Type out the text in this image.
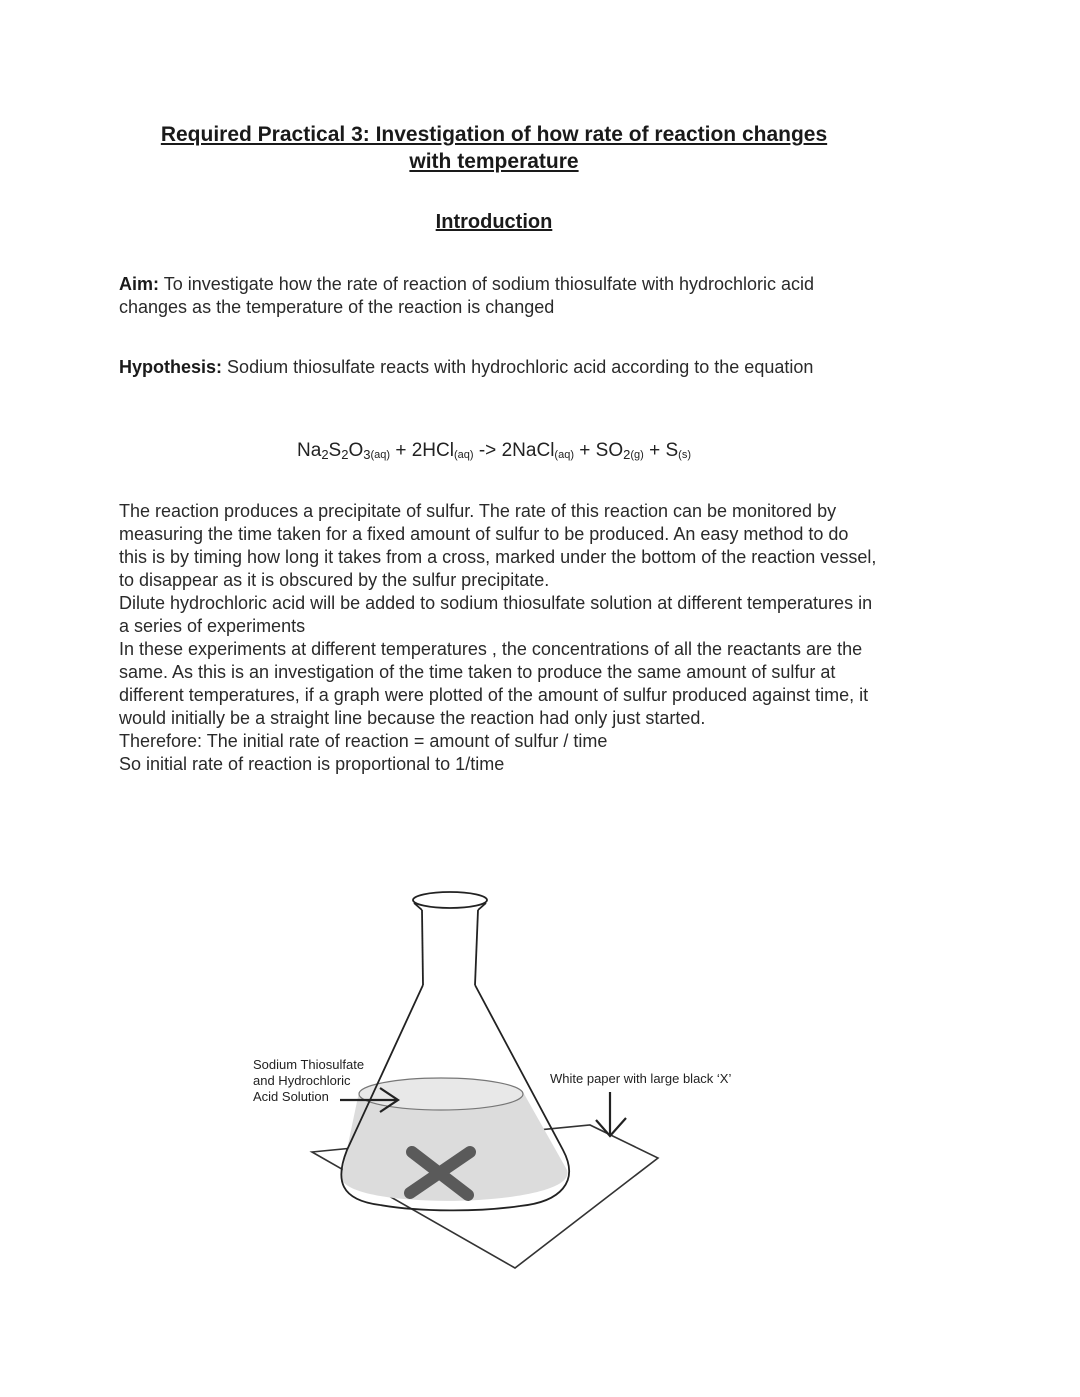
Required Practical 3: Investigation of how rate of reaction changes
with temperature
Introduction
Aim: To investigate how the rate of reaction of sodium thiosulfate with hydrochloric acid changes as the temperature of the reaction is changed
Hypothesis: Sodium thiosulfate reacts with hydrochloric acid according to the equation
$Na_2S_2O_{3(aq)} + 2HCl_{(aq)}$ -> 2NaCl$_{(aq)}$ + $SO_{2(g)} + S_{(s)}$

The reaction produces a precipitate of sulfur. The rate of this reaction can be monitored by measuring the time taken for a fixed amount of sulfur to be produced. An easy method to do this is by timing how long it takes from a cross, marked under the bottom of the reaction vessel, to disappear as it is obscured by the sulfur precipitate.

Dilute hydrochloric acid will be added to sodium thiosulfate solution at different temperatures in a series of experiments

In these experiments at different temperatures , the concentrations of all the reactants are the same. As this is an investigation of the time taken to produce the same amount of sulfur at different temperatures, if a graph were plotted of the amount of sulfur produced against time, it would initially be a straight line because the reaction had only just started.

Therefore: The initial rate of reaction = amount of sulfur / time

So initial rate of reaction is proportional to 1/time

Sodium Thiosulfate
and Hydrochloric
Acid Solution
White paper with large black ‘X’
